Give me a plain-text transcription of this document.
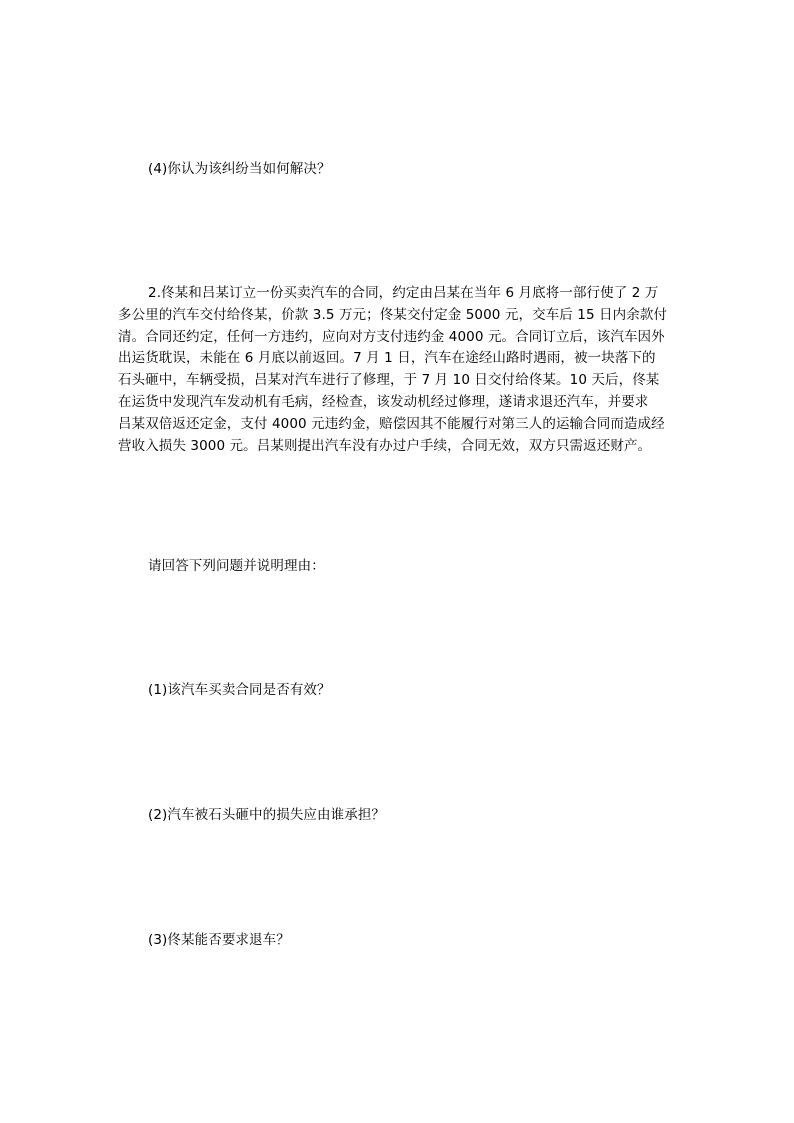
(4)你认为该纠纷当如何解决？

2.佟某和吕某订立一份买卖汽车的合同，约定由吕某在当年 6 月底将一部行使了 2 万
多公里的汽车交付给佟某，价款 3.5 万元；佟某交付定金 5000 元，交车后 15 日内余款付
清。合同还约定，任何一方违约，应向对方支付违约金 4000 元。合同订立后，该汽车因外
出运货耽误，未能在 6 月底以前返回。7 月 1 日，汽车在途经山路时遇雨，被一块落下的
石头砸中，车辆受损，吕某对汽车进行了修理，于 7 月 10 日交付给佟某。10 天后，佟某
在运货中发现汽车发动机有毛病，经检查，该发动机经过修理，遂请求退还汽车，并要求
吕某双倍返还定金，支付 4000 元违约金，赔偿因其不能履行对第三人的运输合同而造成经
营收入损失 3000 元。吕某则提出汽车没有办过户手续，合同无效，双方只需返还财产。

请回答下列问题并说明理由：

(1)该汽车买卖合同是否有效？

(2)汽车被石头砸中的损失应由谁承担？

(3)佟某能否要求退车？
